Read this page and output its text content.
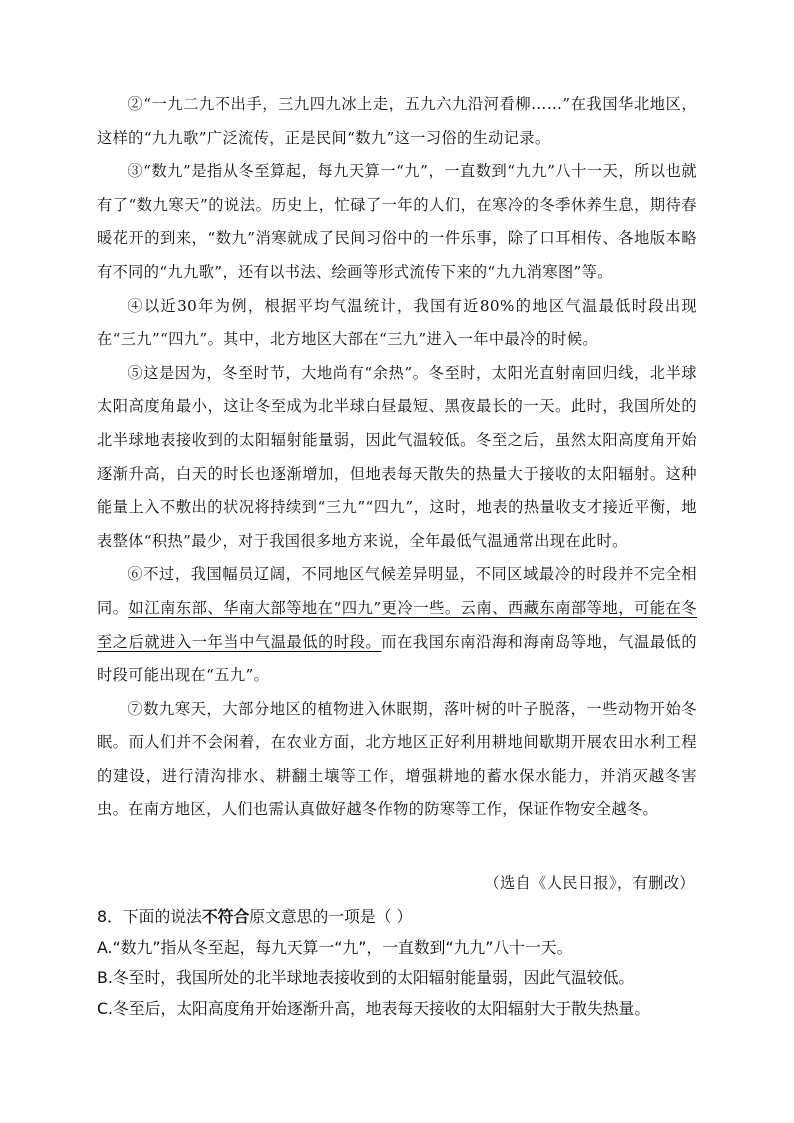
②“一九二九不出手，三九四九冰上走，五九六九沿河看柳……”在我国华北地区，这样的“九九歌”广泛流传，正是民间“数九”这一习俗的生动记录。

③“数九”是指从冬至算起，每九天算一“九”，一直数到“九九”八十一天，所以也就有了“数九寒天”的说法。历史上，忙碌了一年的人们，在寒冷的冬季休养生息，期待春暖花开的到来，“数九”消寒就成了民间习俗中的一件乐事，除了口耳相传、各地版本略有不同的“九九歌”，还有以书法、绘画等形式流传下来的“九九消寒图”等。

④以近30年为例，根据平均气温统计，我国有近80%的地区气温最低时段出现在“三九”“四九”。其中，北方地区大部在“三九”进入一年中最冷的时候。

⑤这是因为，冬至时节，大地尚有“余热”。冬至时，太阳光直射南回归线，北半球太阳高度角最小，这让冬至成为北半球白昼最短、黑夜最长的一天。此时，我国所处的北半球地表接收到的太阳辐射能量弱，因此气温较低。冬至之后，虽然太阳高度角开始逐渐升高，白天的时长也逐渐增加，但地表每天散失的热量大于接收的太阳辐射。这种能量上入不敷出的状况将持续到“三九”“四九”，这时，地表的热量收支才接近平衡，地表整体“积热”最少，对于我国很多地方来说，全年最低气温通常出现在此时。

⑥不过，我国幅员辽阔，不同地区气候差异明显，不同区域最冷的时段并不完全相同。如江南东部、华南大部等地在“四九”更冷一些。云南、西藏东南部等地，可能在冬至之后就进入一年当中气温最低的时段。而在我国东南沿海和海南岛等地，气温最低的时段可能出现在“五九”。

⑦数九寒天，大部分地区的植物进入休眠期，落叶树的叶子脱落，一些动物开始冬眠。而人们并不会闲着，在农业方面，北方地区正好利用耕地间歇期开展农田水利工程的建设，进行清沟排水、耕翻土壤等工作，增强耕地的蓄水保水能力，并消灭越冬害虫。在南方地区，人们也需认真做好越冬作物的防寒等工作，保证作物安全越冬。

（选自《人民日报》，有删改）
8．下面的说法不符合原文意思的一项是（ ）
A.“数九”指从冬至起，每九天算一“九”，一直数到“九九”八十一天。
B.冬至时，我国所处的北半球地表接收到的太阳辐射能量弱，因此气温较低。
C.冬至后，太阳高度角开始逐渐升高，地表每天接收的太阳辐射大于散失热量。
